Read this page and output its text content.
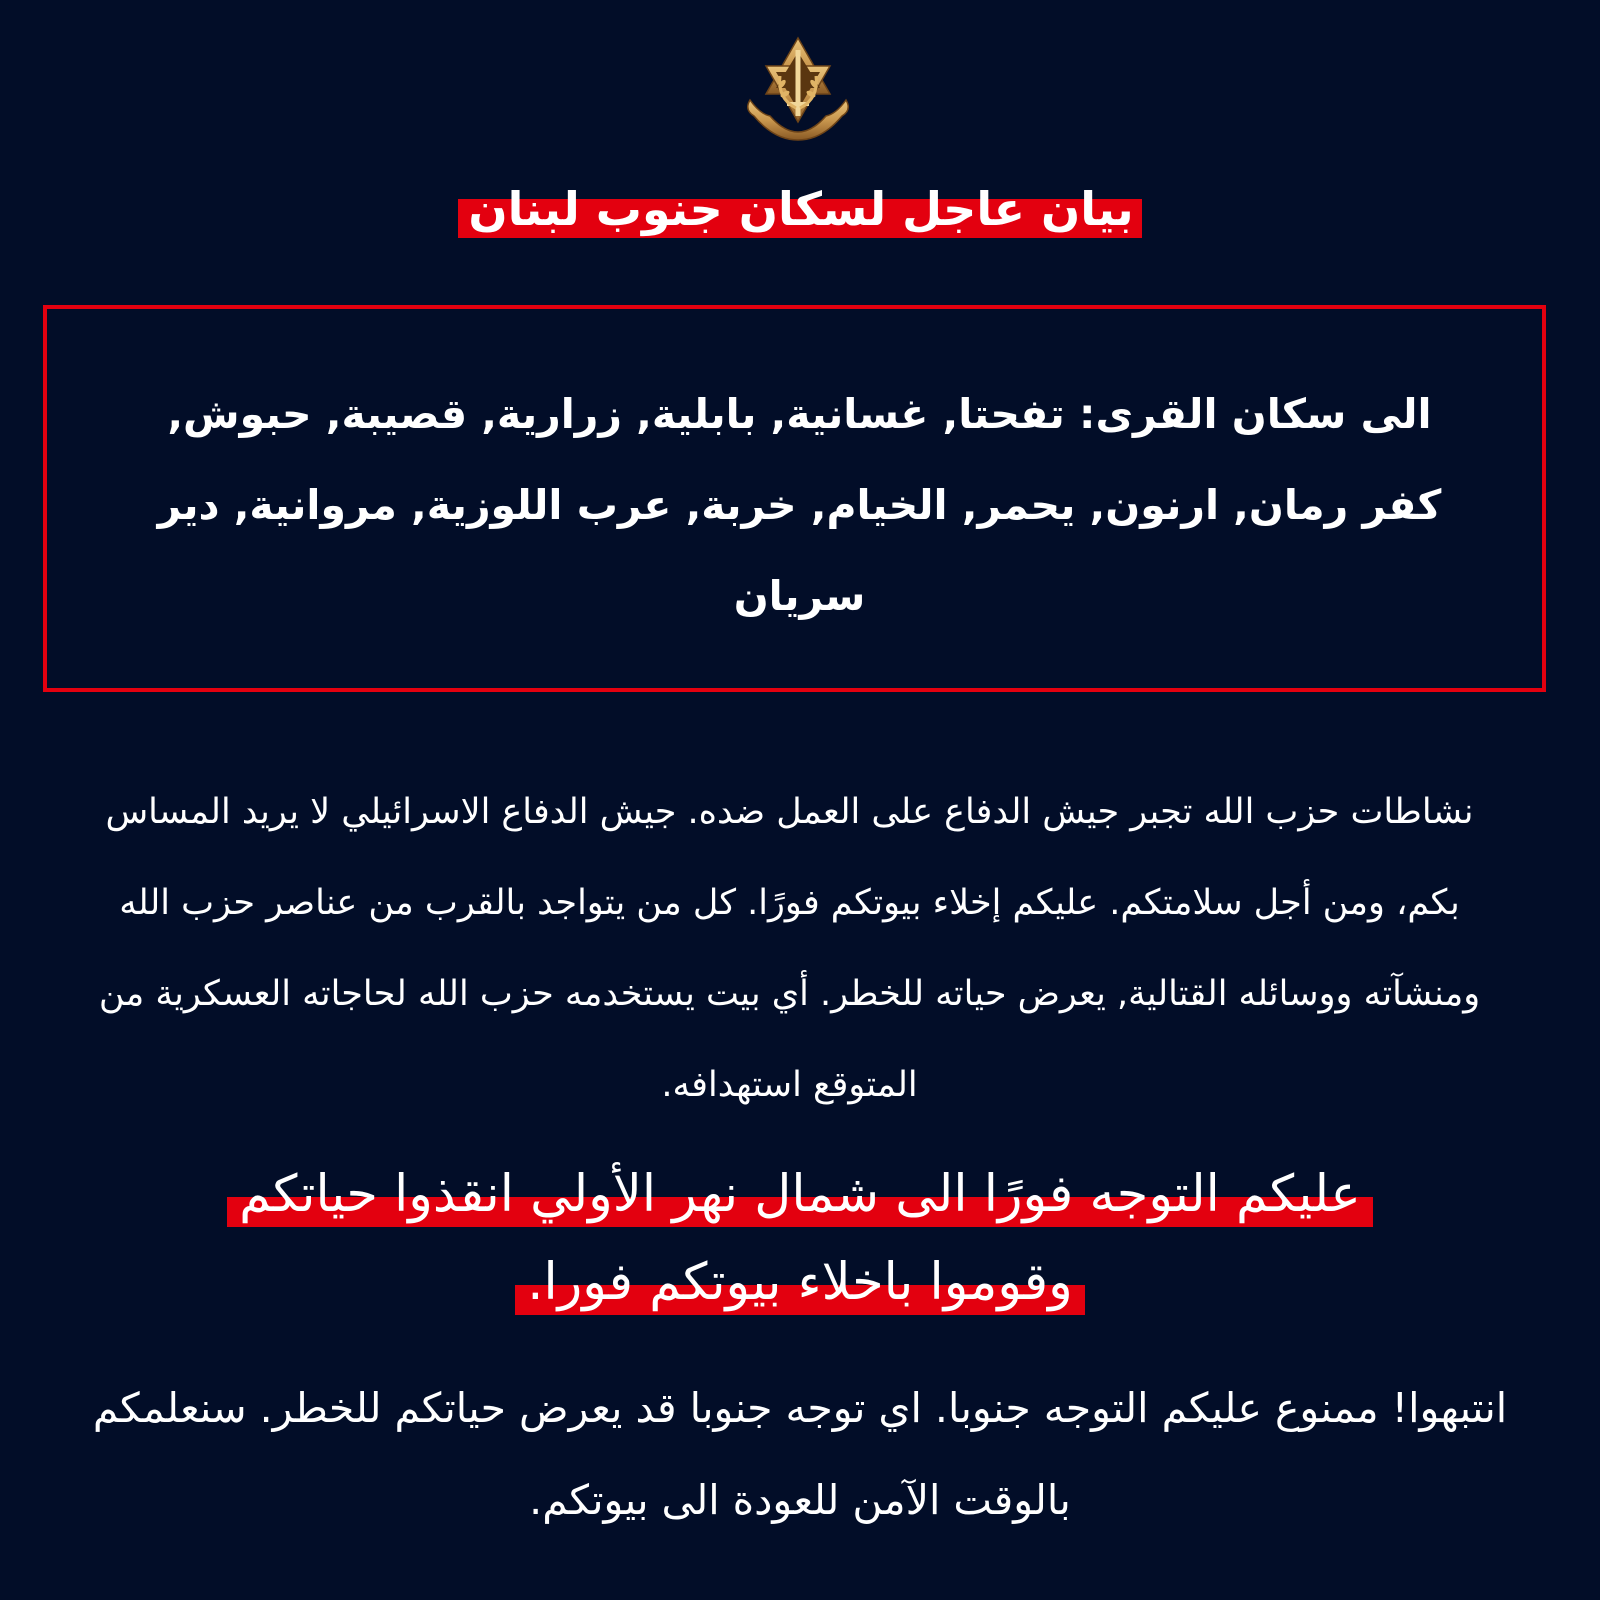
بيان عاجل لسكان جنوب لبنان

الى سكان القرى: تفحتا, غسانية, بابلية, زرارية, قصيبة, حبوش, كفر رمان, ارنون, يحمر, الخيام, خربة, عرب اللوزية, مروانية, دير سريان

نشاطات حزب الله تجبر جيش الدفاع على العمل ضده. جيش الدفاع الاسرائيلي لا يريد المساس بكم، ومن أجل سلامتكم. عليكم إخلاء بيوتكم فورًا. كل من يتواجد بالقرب من عناصر حزب الله ومنشآته ووسائله القتالية, يعرض حياته للخطر. أي بيت يستخدمه حزب الله لحاجاته العسكرية من المتوقع استهدافه.

عليكم التوجه فورًا الى شمال نهر الأولي انقذوا حياتكم
وقوموا باخلاء بيوتكم فورا.

انتبهوا! ممنوع عليكم التوجه جنوبا. اي توجه جنوبا قد يعرض حياتكم للخطر. سنعلمكم بالوقت الآمن للعودة الى بيوتكم.
